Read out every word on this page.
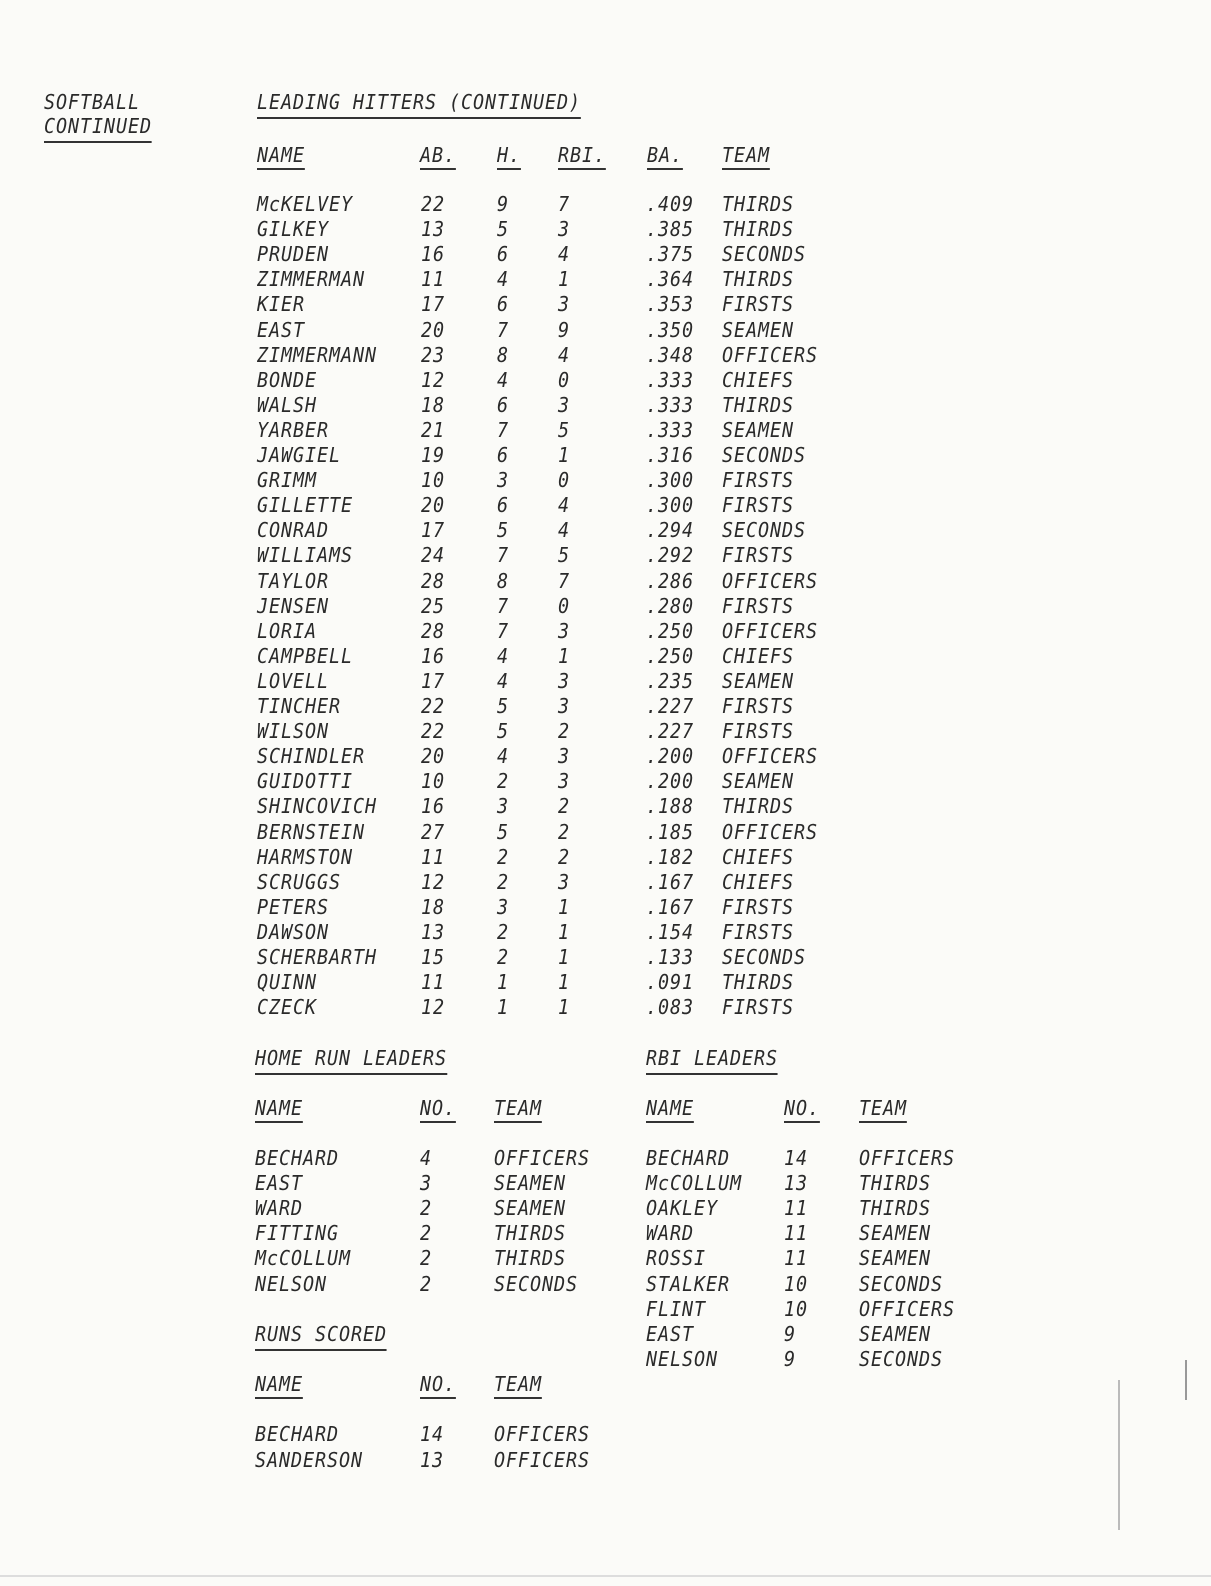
SOFTBALL
CONTINUED
LEADING HITTERS (CONTINUED)
NAME	AB. H. RBI. BA. TEAM
McKELVEY	22	9 7	.409 THIRDS
GILKEY	13	5 3	.385 THIRDS
PRUDEN	16	6 4	.375 SECONDS
ZIMMERMAN	11	4 1	.364 THIRDS
KIER	17	6 3	.353 FIRSTS
EAST	20	7 9	.350 SEAMEN
ZIMMERMANN 23	8 4	.348 OFFICERS
BONDE	12	4 0	.333 CHIEFS
WALSH	18	6 3	.333 THIRDS
YARBER	21	7 5	.333 SEAMEN
JAWGIEL	19	6 1	.316 SECONDS
GRIMM	10	3 0	.300 FIRSTS
GILLETTE	20	6 4	.300 FIRSTS
CONRAD	17	5 4	.294 SECONDS
WILLIAMS	24	7 5	.292 FIRSTS
TAYLOR	28	8 7	.286 OFFICERS
JENSEN	25	7 0	.280 FIRSTS
LORIA	28	7 3	.250 OFFICERS
CAMPBELL	16	4 1	.250 CHIEFS
LOVELL	17	4 3	.235 SEAMEN
TINCHER	22	5 3	.227 FIRSTS
WILSON	22	5 2	.227 FIRSTS
SCHINDLER	20	4 3	.200 OFFICERS
GUIDOTTI	10	2 3	.200 SEAMEN
SHINCOVICH 16	3 2	.188 THIRDS
BERNSTEIN	27	5 2	.185 OFFICERS
HARMSTON	11	2 2	.182 CHIEFS
SCRUGGS	12	2 3	.167 CHIEFS
PETERS	18	3 1	.167 FIRSTS
DAWSON	13	2 1	.154 FIRSTS
SCHERBARTH 15	2 1	.133 SECONDS
QUINN	11	1 1	.091 THIRDS
CZECK	12	1 1	.083 FIRSTS
HOME RUN LEADERS
NAME	NO. TEAM
BECHARD	4	OFFICERS
EAST	3	SEAMEN
WARD	2	SEAMEN
FITTING	2	THIRDS
McCOLLUM	2	THIRDS
NELSON	2	SECONDS
RBI LEADERS
NAME	NO. TEAM
BECHARD	14	OFFICERS
McCOLLUM 13	THIRDS
OAKLEY	11	THIRDS
WARD	11	SEAMEN
ROSSI	11	SEAMEN
STALKER	10	SECONDS
FLINT	10	OFFICERS
EAST	9	SEAMEN
NELSON	9	SECONDS
RUNS SCORED
NAME	NO. TEAM
BECHARD	14 OFFICERS
SANDERSON	13 OFFICERS
